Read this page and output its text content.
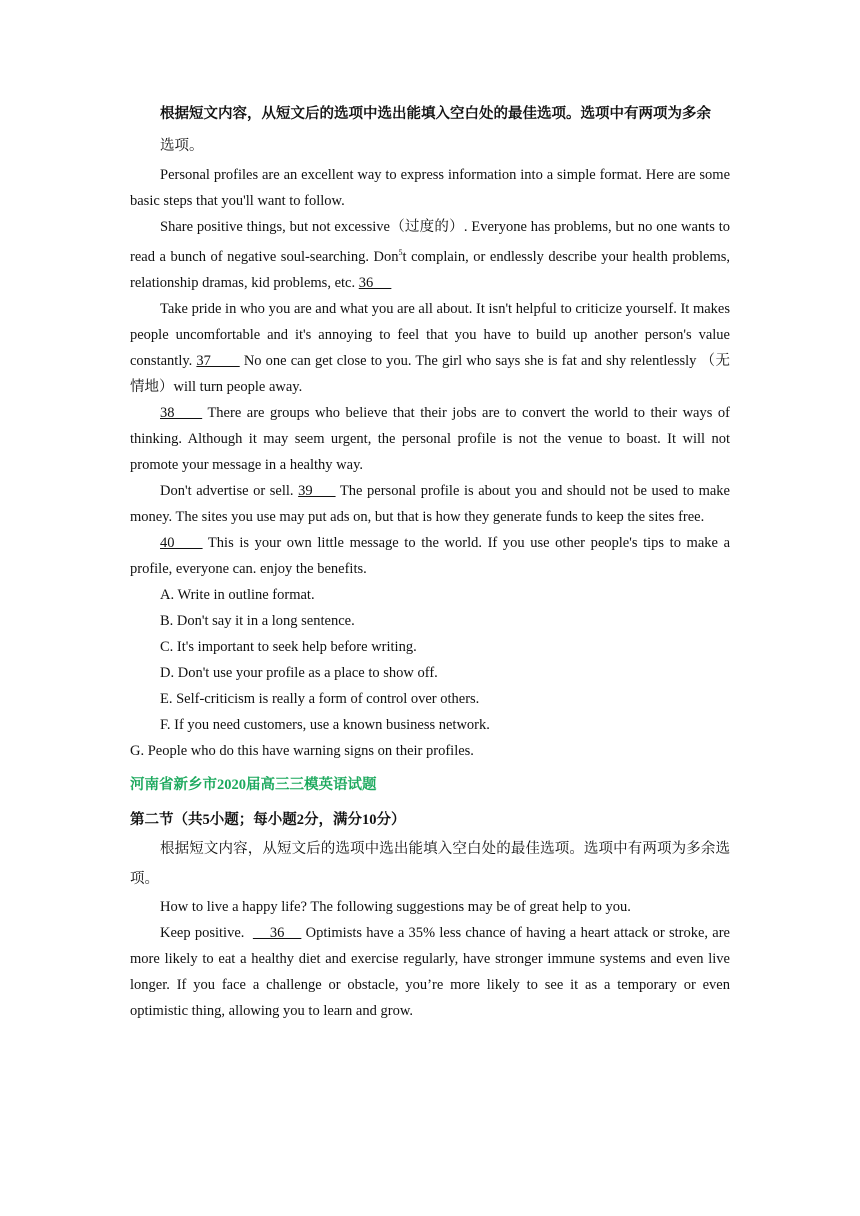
根据短文内容，从短文后的选项中选出能填入空白处的最佳选项。选项中有两项为多余

选项。

Personal profiles are an excellent way to express information into a simple format. Here are some basic steps that you'll want to follow.

Share positive things, but not excessive（过度的）. Everyone has problems, but no one wants to read a bunch of negative soul-searching. Don$^5$t complain, or endlessly describe your health problems, relationship dramas, kid problems, etc. 36

Take pride in who you are and what you are all about. It isn't helpful to criticize yourself. It makes people uncomfortable and it's annoying to feel that you have to build up another person's value constantly. 37        No one can get close to you. The girl who says she is fat and shy relentlessly （无情地）will turn people away.

38      There are groups who believe that their jobs are to convert the world to their ways of thinking. Although it may seem urgent, the personal profile is not the venue to boast. It will not promote your message in a healthy way.

Don't advertise or sell. 39      The personal profile is about you and should not be used to make money. The sites you use may put ads on, but that is how they generate funds to keep the sites free.

40      This is your own little message to the world. If you use other people's tips to make a profile, everyone can. enjoy the benefits.

A. Write in outline format.

B. Don't say it in a long sentence.

C. It's important to seek help before writing.

D. Don't use your profile as a place to show off.

E. Self-criticism is really a form of control over others.

F. If you need customers, use a known business network.

G. People who do this have warning signs on their profiles.

河南省新乡市2020届高三三模英语试题

第二节（共5小题；每小题2分，满分10分）

根据短文内容，从短文后的选项中选出能填入空白处的最佳选项。选项中有两项为多余选项。

How to live a happy life? The following suggestions may be of great help to you.

Keep positive.      36     Optimists have a 35% less chance of having a heart attack or stroke, are more likely to eat a healthy diet and exercise regularly, have stronger immune systems and even live longer. If you face a challenge or obstacle, you’re more likely to see it as a temporary or even optimistic thing, allowing you to learn and grow.
